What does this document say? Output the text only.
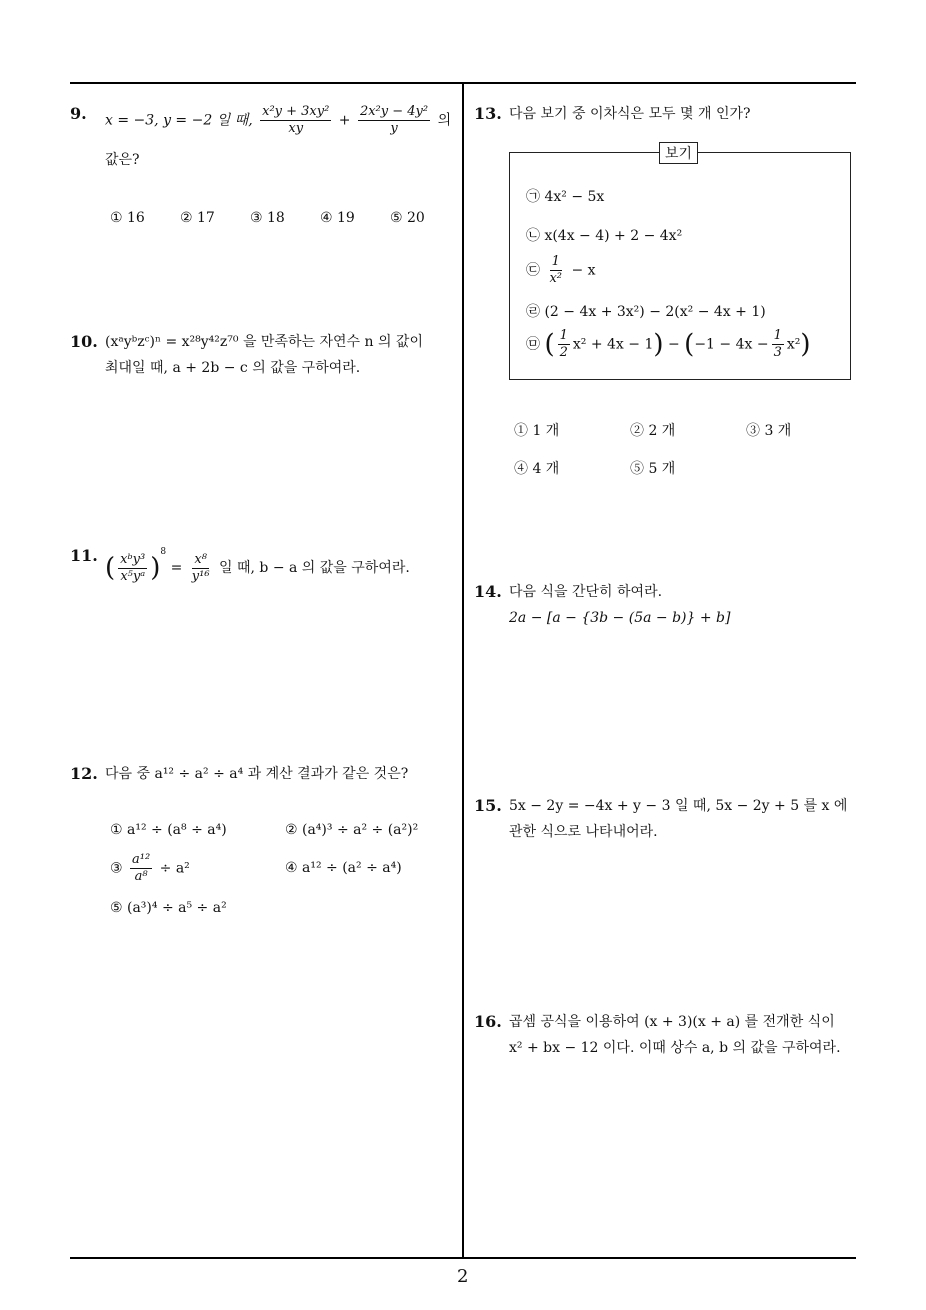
9. x = −3, y = −2 일 때, $\frac{\text{x²y + 3xy²}}{xy} + \frac{\text{2x²y − 4y²}}{y}$ 의
값은?
① 16	② 17	③ 18	④ 19	⑤ 20
10. (xᵃyᵇzᶜ)ⁿ = x²⁸y⁴²z⁷⁰ 을 만족하는 자연수 n 의 값이
최대일 때, a + 2b − c 의 값을 구하여라.
11. ( $\frac{\text{xᵇy³}}{\text{x⁵yᵃ}} )^8 = \frac{\text{x⁸}}{\text{y¹⁶}}$ 일 때, b − a 의 값을 구하여라.
12. 다음 중 a¹² ÷ a² ÷ a⁴ 과 계산 결과가 같은 것은?
① a¹² ÷ (a⁸ ÷ a⁴)	② (a⁴)³ ÷ a² ÷ (a²)²
③ $\frac{\text{a¹²}}{\text{a⁸}} \div a^2$	④ a¹² ÷ (a² ÷ a⁴)
⑤ (a³)⁴ ÷ a⁵ ÷ a²
13. 다음 보기 중 이차식은 모두 몇 개 인가?
보기
㉠ 4x² − 5x
㉡ x(4x − 4) + 2 − 4x²
㉢ $\frac{1}{\text{x²}} - x$
㉣ (2 − 4x + 3x²) − 2(x² − 4x + 1)
㉤ ( $\frac{1}{2} x^2 + 4x - 1) - (-1 - 4x - \frac{1}{3} x^2)$
① 1 개	② 2 개	③ 3 개
④ 4 개	⑤ 5 개
14. 다음 식을 간단히 하여라.
2a − [a − {3b − (5a − b)} + b]
15. 5x − 2y = −4x + y − 3 일 때, 5x − 2y + 5 를 x 에
관한 식으로 나타내어라.
16. 곱셈 공식을 이용하여 (x + 3)(x + a) 를 전개한 식이
x² + bx − 12 이다. 이때 상수 a, b 의 값을 구하여라.
2
